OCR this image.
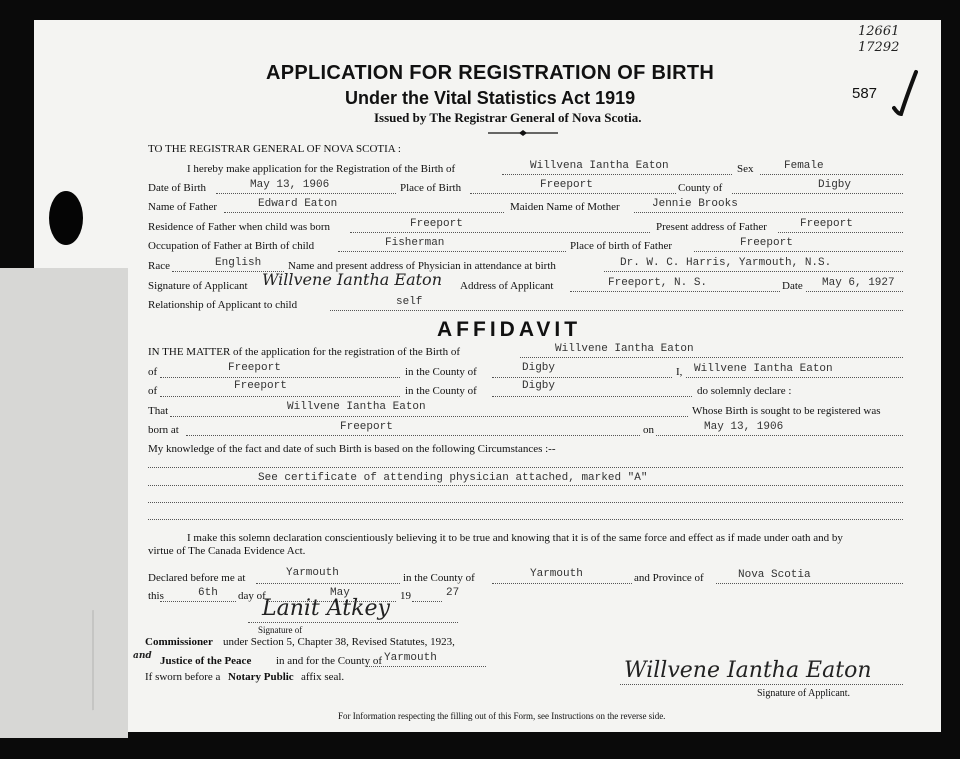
12661
17292
587
APPLICATION FOR REGISTRATION OF BIRTH
Under the Vital Statistics Act 1919
Issued by The Registrar General of Nova Scotia.
TO THE REGISTRAR GENERAL OF NOVA SCOTIA :
I hereby make application for the Registration of the Birth of	Willvena Iantha Eaton	Sex	Female
Date of Birth	May 13, 1906	Place of Birth	Freeport	County of	Digby
Name of Father	Edward Eaton	Maiden Name of Mother	Jennie Brooks
Residence of Father when child was born	Freeport	Present address of Father	Freeport
Occupation of Father at Birth of child	Fisherman	Place of birth of Father	Freeport
Race	English Name and present address of Physician in attendance at birth	Dr. W. C. Harris, Yarmouth, N.S.
Signature of Applicant Willvene Iantha Eaton Address of Applicant	Freeport, N. S.	Date May 6, 1927
Relationship of Applicant to child	self
AFFIDAVIT
IN THE MATTER of the application for the registration of the Birth of	Willvene Iantha Eaton
of	Freeport	in the County of	Digby	I, Willvene Iantha Eaton
of	Freeport	in the County of	Digby	do solemnly declare :
That	Willvene Iantha Eaton	Whose Birth is sought to be registered was
born at	Freeport	on	May 13, 1906
My knowledge of the fact and date of such Birth is based on the following Circumstances :--
See certificate of attending physician attached, marked "A"
I make this solemn declaration conscientiously believing it to be true and knowing that it is of the same force and effect as if made under oath and by
virtue of The Canada Evidence Act.
Declared before me at	Yarmouth	in the County of	Yarmouth	and Province of	Nova Scotia
this	6th day of	May	19	27
Lanit Atkey
Signature of
Commissioner under Section 5, Chapter 38, Revised Statutes, 1923,
and Justice of the Peace in and for the County of Yarmouth
If sworn before a Notary Public affix seal.	Willvene Iantha Eaton
Signature of Applicant.
For Information respecting the filling out of this Form, see Instructions on the reverse side.
